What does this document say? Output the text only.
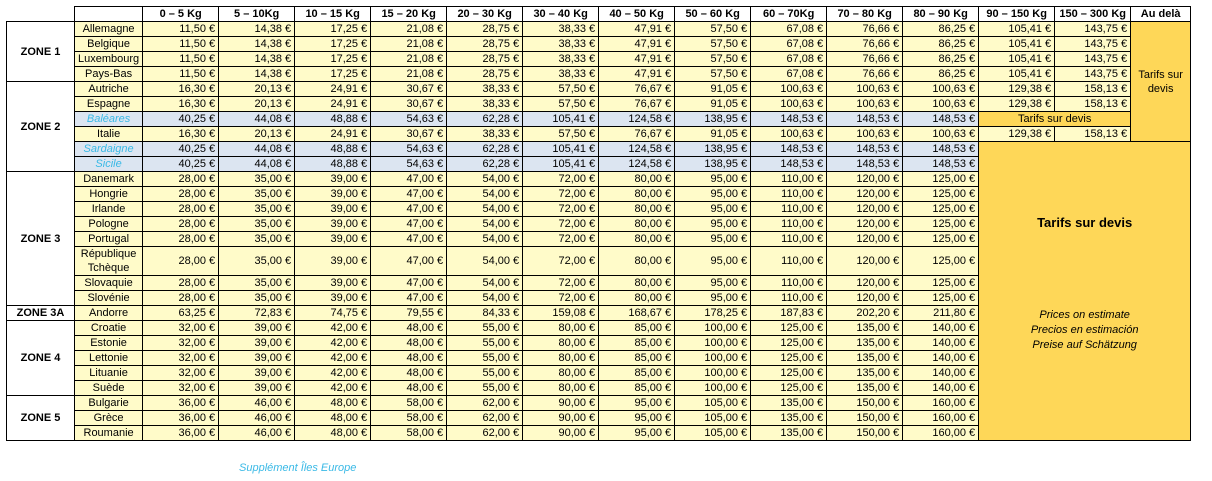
		0 – 5 Kg	5 – 10Kg	10 – 15 Kg	15 – 20 Kg	20 – 30 Kg	30 – 40 Kg	40 – 50 Kg	50 – 60 Kg	60 – 70Kg	70 – 80 Kg	80 – 90 Kg	90 – 150 Kg	150 – 300 Kg	Au delà
ZONE 1	Allemagne	11,50 €	14,38 €	17,25 €	21,08 €	28,75 €	38,33 €	47,91 €	57,50 €	67,08 €	76,66 €	86,25 €	105,41 €	143,75 €	Tarifs sur devis
	Belgique	11,50 €	14,38 €	17,25 €	21,08 €	28,75 €	38,33 €	47,91 €	57,50 €	67,08 €	76,66 €	86,25 €	105,41 €	143,75 €	
	Luxembourg	11,50 €	14,38 €	17,25 €	21,08 €	28,75 €	38,33 €	47,91 €	57,50 €	67,08 €	76,66 €	86,25 €	105,41 €	143,75 €	
	Pays-Bas	11,50 €	14,38 €	17,25 €	21,08 €	28,75 €	38,33 €	47,91 €	57,50 €	67,08 €	76,66 €	86,25 €	105,41 €	143,75 €	
ZONE 2	Autriche	16,30 €	20,13 €	24,91 €	30,67 €	38,33 €	57,50 €	76,67 €	91,05 €	100,63 €	100,63 €	100,63 €	129,38 €	158,13 €	
	Espagne	16,30 €	20,13 €	24,91 €	30,67 €	38,33 €	57,50 €	76,67 €	91,05 €	100,63 €	100,63 €	100,63 €	129,38 €	158,13 €	
	Baléares	40,25 €	44,08 €	48,88 €	54,63 €	62,28 €	105,41 €	124,58 €	138,95 €	148,53 €	148,53 €	148,53 €	Tarifs sur devis		
	Italie	16,30 €	20,13 €	24,91 €	30,67 €	38,33 €	57,50 €	76,67 €	91,05 €	100,63 €	100,63 €	100,63 €	129,38 €	158,13 €	
	Sardaigne	40,25 €	44,08 €	48,88 €	54,63 €	62,28 €	105,41 €	124,58 €	138,95 €	148,53 €	148,53 €	148,53 €	Tarifs sur devis
Prices on estimate
Precios en estimación
Preise auf Schätzung		

	Sicile	40,25 €	44,08 €	48,88 €	54,63 €	62,28 €	105,41 €	124,58 €	138,95 €	148,53 €	148,53 €	148,53 €			
ZONE 3	Danemark	28,00 €	35,00 €	39,00 €	47,00 €	54,00 €	72,00 €	80,00 €	95,00 €	110,00 €	120,00 €	125,00 €			
	Hongrie	28,00 €	35,00 €	39,00 €	47,00 €	54,00 €	72,00 €	80,00 €	95,00 €	110,00 €	120,00 €	125,00 €			
	Irlande	28,00 €	35,00 €	39,00 €	47,00 €	54,00 €	72,00 €	80,00 €	95,00 €	110,00 €	120,00 €	125,00 €			
	Pologne	28,00 €	35,00 €	39,00 €	47,00 €	54,00 €	72,00 €	80,00 €	95,00 €	110,00 €	120,00 €	125,00 €			
	Portugal	28,00 €	35,00 €	39,00 €	47,00 €	54,00 €	72,00 €	80,00 €	95,00 €	110,00 €	120,00 €	125,00 €			
	République Tchèque	28,00 €	35,00 €	39,00 €	47,00 €	54,00 €	72,00 €	80,00 €	95,00 €	110,00 €	120,00 €	125,00 €			
	Slovaquie	28,00 €	35,00 €	39,00 €	47,00 €	54,00 €	72,00 €	80,00 €	95,00 €	110,00 €	120,00 €	125,00 €			
	Slovénie	28,00 €	35,00 €	39,00 €	47,00 €	54,00 €	72,00 €	80,00 €	95,00 €	110,00 €	120,00 €	125,00 €			
ZONE 3A	Andorre	63,25 €	72,83 €	74,75 €	79,55 €	84,33 €	159,08 €	168,67 €	178,25 €	187,83 €	202,20 €	211,80 €			
ZONE 4	Croatie	32,00 €	39,00 €	42,00 €	48,00 €	55,00 €	80,00 €	85,00 €	100,00 €	125,00 €	135,00 €	140,00 €			
	Estonie	32,00 €	39,00 €	42,00 €	48,00 €	55,00 €	80,00 €	85,00 €	100,00 €	125,00 €	135,00 €	140,00 €			
	Lettonie	32,00 €	39,00 €	42,00 €	48,00 €	55,00 €	80,00 €	85,00 €	100,00 €	125,00 €	135,00 €	140,00 €			
	Lituanie	32,00 €	39,00 €	42,00 €	48,00 €	55,00 €	80,00 €	85,00 €	100,00 €	125,00 €	135,00 €	140,00 €			
	Suède	32,00 €	39,00 €	42,00 €	48,00 €	55,00 €	80,00 €	85,00 €	100,00 €	125,00 €	135,00 €	140,00 €			
ZONE 5	Bulgarie	36,00 €	46,00 €	48,00 €	58,00 €	62,00 €	90,00 €	95,00 €	105,00 €	135,00 €	150,00 €	160,00 €			
	Grèce	36,00 €	46,00 €	48,00 €	58,00 €	62,00 €	90,00 €	95,00 €	105,00 €	135,00 €	150,00 €	160,00 €			
	Roumanie	36,00 €	46,00 €	48,00 €	58,00 €	62,00 €	90,00 €	95,00 €	105,00 €	135,00 €	150,00 €	160,00 €			
Supplément Îles Europe
